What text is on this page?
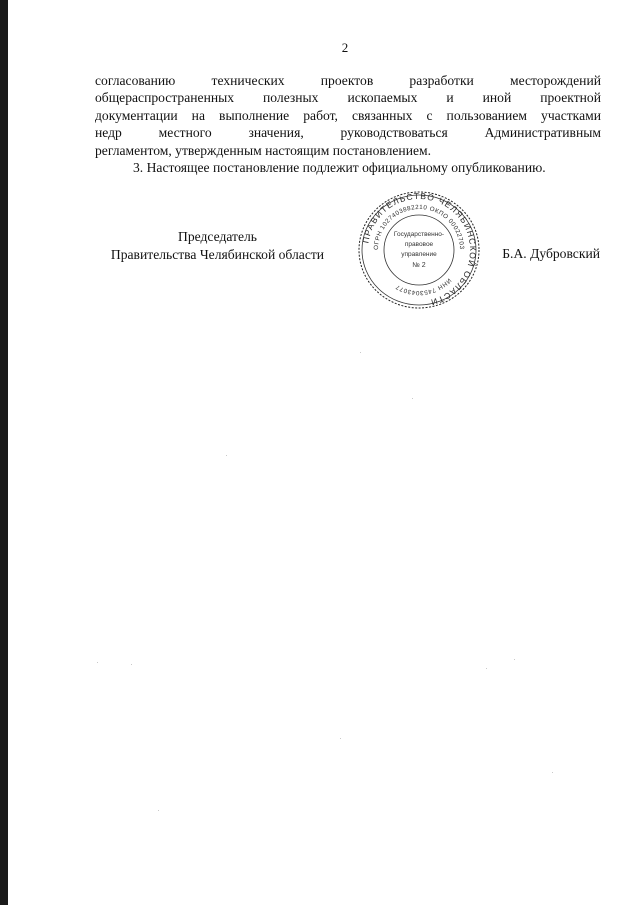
2

согласованию технических проектов разработки месторождений

общераспространенных полезных ископаемых и иной проектной

документации на выполнение работ, связанных с пользованием участками

недр местного значения, руководствоваться Административным

регламентом, утвержденным настоящим постановлением.

3. Настоящее постановление подлежит официальному опубликованию.

Председатель
Правительства Челябинской области
ПРАВИТЕЛЬСТВО ЧЕЛЯБИНСКОЙ ОБЛАСТИ
ОГРН 1027403882210 ОКПО 00022703
ИНН 7453043077
Государственно-
правовое
управление
№ 2
Б.А. Дубровский
